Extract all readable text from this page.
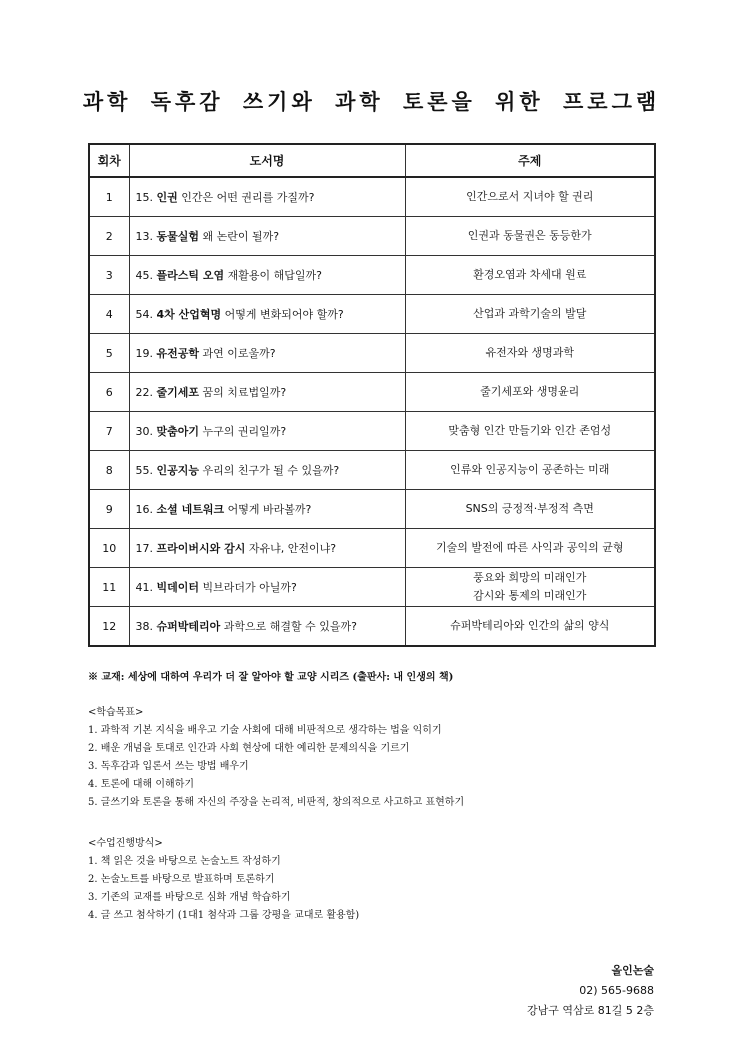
과학 독후감 쓰기와 과학 토론을 위한 프로그램
회차	도서명	주제
1	15. 인권 인간은 어떤 권리를 가질까?	인간으로서 지녀야 할 권리
2	13. 동물실험 왜 논란이 될까?	인권과 동물권은 동등한가
3	45. 플라스틱 오염 재활용이 해답일까?	환경오염과 차세대 원료
4	54. 4차 산업혁명 어떻게 변화되어야 할까?	산업과 과학기술의 발달
5	19. 유전공학 과연 이로울까?	유전자와 생명과학
6	22. 줄기세포 꿈의 치료법일까?	줄기세포와 생명윤리
7	30. 맞춤아기 누구의 권리일까?	맞춤형 인간 만들기와 인간 존엄성
8	55. 인공지능 우리의 친구가 될 수 있을까?	인류와 인공지능이 공존하는 미래
9	16. 소셜 네트워크 어떻게 바라볼까?	SNS의 긍정적·부정적 측면
10	17. 프라이버시와 감시 자유냐, 안전이냐?	기술의 발전에 따른 사익과 공익의 균형
11	41. 빅데이터 빅브라더가 아닐까?	풍요와 희망의 미래인가
감시와 통제의 미래인가
12	38. 슈퍼박테리아 과학으로 해결할 수 있을까?	슈퍼박테리아와 인간의 삶의 양식
※ 교재: 세상에 대하여 우리가 더 잘 알아야 할 교양 시리즈 (출판사: 내 인생의 책)
<학습목표>
1. 과학적 기본 지식을 배우고 기술 사회에 대해 비판적으로 생각하는 법을 익히기
2. 배운 개념을 토대로 인간과 사회 현상에 대한 예리한 문제의식을 기르기
3. 독후감과 입론서 쓰는 방법 배우기
4. 토론에 대해 이해하기
5. 글쓰기와 토론을 통해 자신의 주장을 논리적, 비판적, 창의적으로 사고하고 표현하기
<수업진행방식>
1. 책 읽은 것을 바탕으로 논술노트 작성하기
2. 논술노트를 바탕으로 발표하며 토론하기
3. 기존의 교재를 바탕으로 심화 개념 학습하기
4. 글 쓰고 첨삭하기 (1대1 첨삭과 그룹 강평을 교대로 활용함)
올인논술
02) 565-9688
강남구 역삼로 81길 5 2층
